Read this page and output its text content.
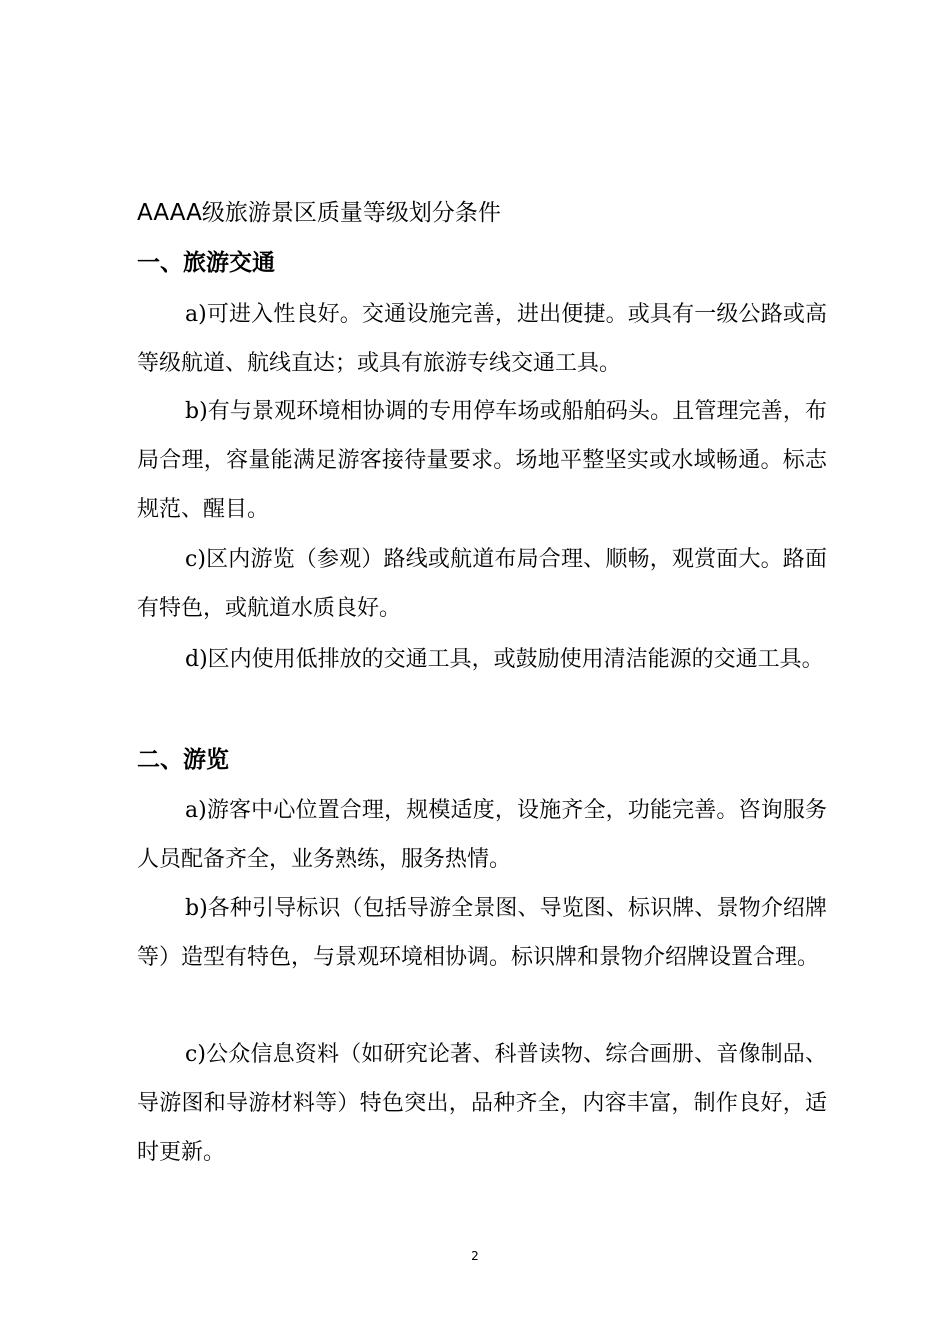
AAAA级旅游景区质量等级划分条件
一、旅游交通

a)可进入性良好。交通设施完善，进出便捷。或具有一级公路或高等级航道、航线直达；或具有旅游专线交通工具。

b)有与景观环境相协调的专用停车场或船舶码头。且管理完善，布局合理，容量能满足游客接待量要求。场地平整坚实或水域畅通。标志规范、醒目。

c)区内游览（参观）路线或航道布局合理、顺畅，观赏面大。路面有特色，或航道水质良好。

d)区内使用低排放的交通工具，或鼓励使用清洁能源的交通工具。

二、游览

a)游客中心位置合理，规模适度，设施齐全，功能完善。咨询服务人员配备齐全，业务熟练，服务热情。

b)各种引导标识（包括导游全景图、导览图、标识牌、景物介绍牌等）造型有特色，与景观环境相协调。标识牌和景物介绍牌设置合理。

c)公众信息资料（如研究论著、科普读物、综合画册、音像制品、导游图和导游材料等）特色突出，品种齐全，内容丰富，制作良好，适时更新。

2
